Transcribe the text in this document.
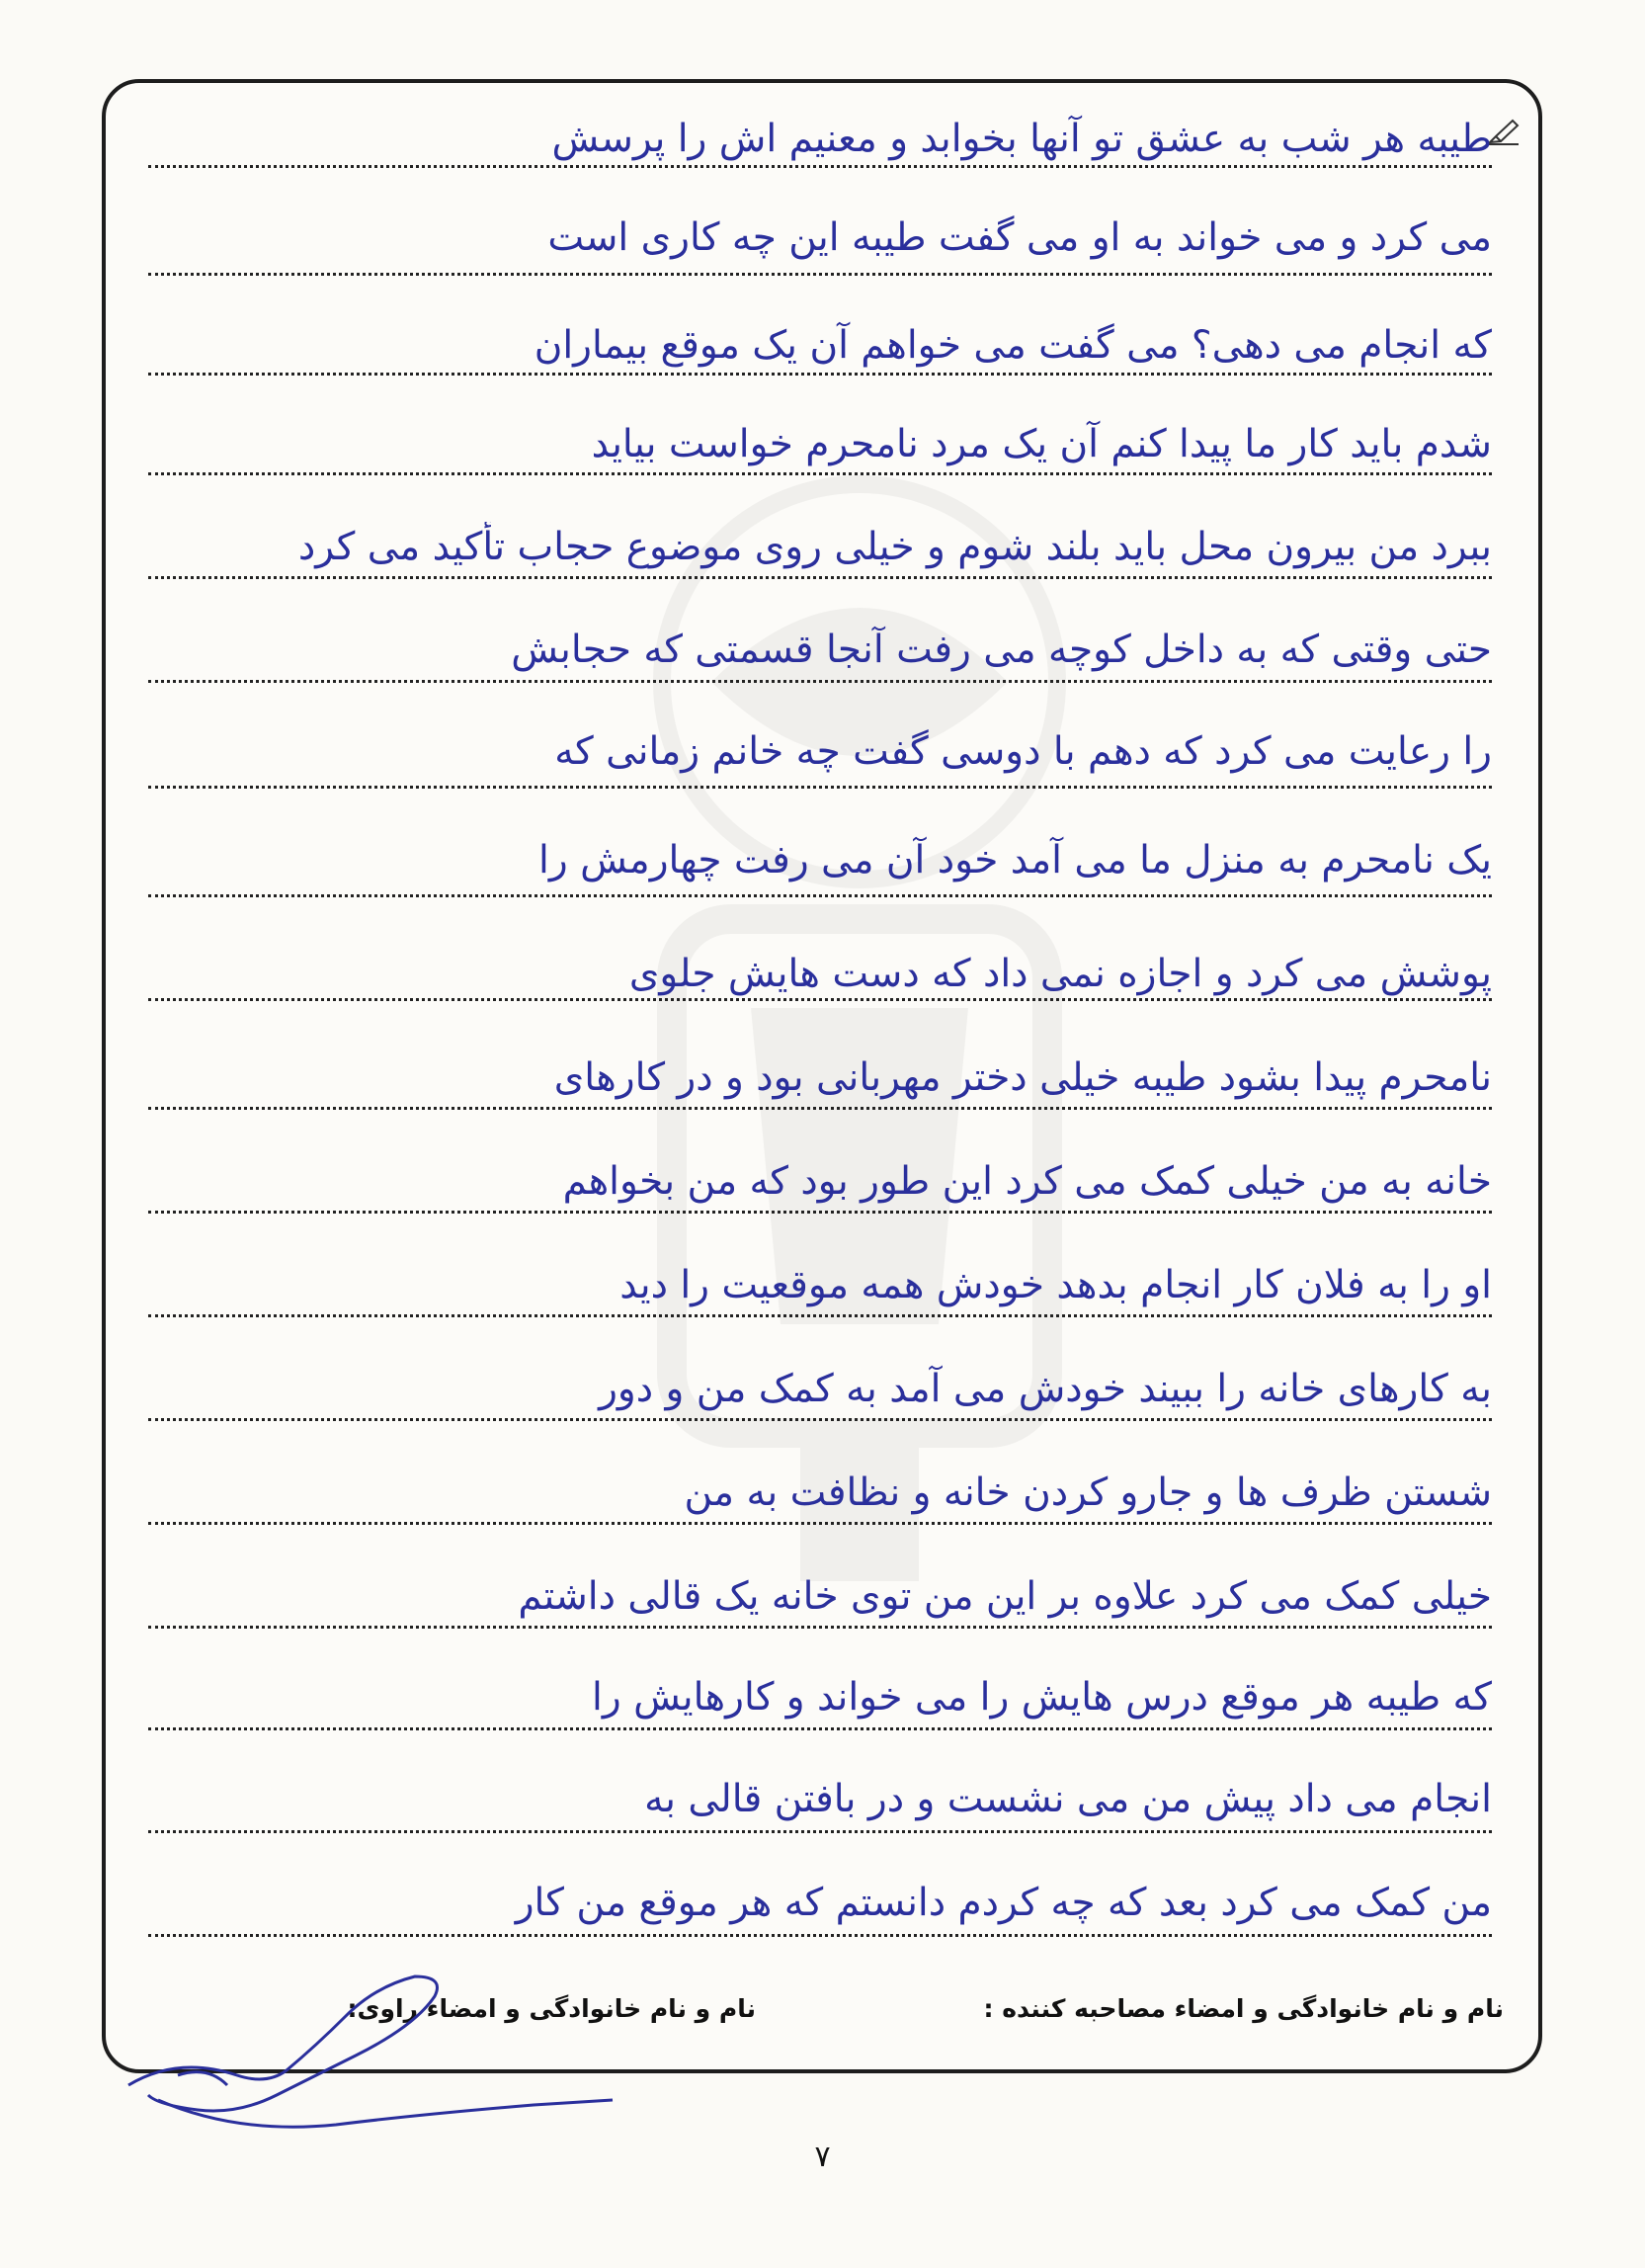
طیبه هر شب به عشق تو آنها بخوابد و معنیم اش را پرسش
می کرد و می خواند به او می گفت طیبه این چه کاری است
که انجام می دهی؟ می گفت می خواهم آن یک موقع بیماران
شدم باید کار ما پیدا کنم آن یک مرد نامحرم خواست بیاید
ببرد من بیرون محل باید بلند شوم و خیلی روی موضوع حجاب تأکید می کرد
حتی وقتی که به داخل کوچه می رفت آنجا قسمتی که حجابش
را رعایت می کرد که دهم با دوسی گفت چه خانم زمانی که
یک نامحرم به منزل ما می آمد خود آن می رفت چهارمش را
پوشش می کرد و اجازه نمی داد که دست هایش جلوی
نامحرم پیدا بشود طیبه خیلی دختر مهربانی بود و در کارهای
خانه به من خیلی کمک می کرد این طور بود که من بخواهم
او را به فلان کار انجام بدهد خودش همه موقعیت را دید
به کارهای خانه را ببیند خودش می آمد به کمک من و دور
شستن ظرف ها و جارو کردن خانه و نظافت به من
خیلی کمک می کرد علاوه بر این من توی خانه یک قالی داشتم
که طیبه هر موقع درس هایش را می خواند و کارهایش را
انجام می داد پیش من می نشست و در بافتن قالی به
من کمک می کرد بعد که چه کردم دانستم که هر موقع من کار
نام و نام خانوادگی و امضاء مصاحبه کننده :
نام و نام خانوادگی و امضاء راوی:
۷
